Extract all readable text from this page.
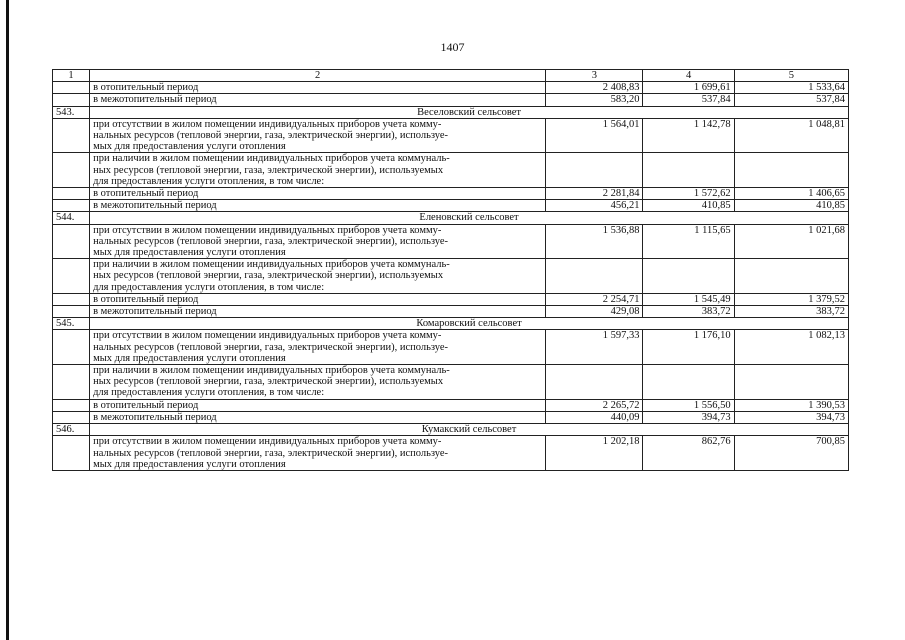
1407
1	2	3	4	5
	в отопительный период	2 408,83	1 699,61	1 533,64
	в межотопительный период	583,20	537,84	537,84
543.	Веселовский сельсовет			
	при отсутствии в жилом помещении индивидуальных приборов учета комму-
нальных ресурсов (тепловой энергии, газа, электрической энергии), используе-
мых для предоставления услуги отопления	1 564,01	1 142,78	1 048,81
	при наличии в жилом помещении индивидуальных приборов учета коммуналь-
ных ресурсов (тепловой энергии, газа, электрической энергии), используемых
для предоставления услуги отопления, в том числе:			
	в отопительный период	2 281,84	1 572,62	1 406,65
	в межотопительный период	456,21	410,85	410,85
544.	Еленовский сельсовет			
	при отсутствии в жилом помещении индивидуальных приборов учета комму-
нальных ресурсов (тепловой энергии, газа, электрической энергии), используе-
мых для предоставления услуги отопления	1 536,88	1 115,65	1 021,68
	при наличии в жилом помещении индивидуальных приборов учета коммуналь-
ных ресурсов (тепловой энергии, газа, электрической энергии), используемых
для предоставления услуги отопления, в том числе:			
	в отопительный период	2 254,71	1 545,49	1 379,52
	в межотопительный период	429,08	383,72	383,72
545.	Комаровский сельсовет			
	при отсутствии в жилом помещении индивидуальных приборов учета комму-
нальных ресурсов (тепловой энергии, газа, электрической энергии), используе-
мых для предоставления услуги отопления	1 597,33	1 176,10	1 082,13
	при наличии в жилом помещении индивидуальных приборов учета коммуналь-
ных ресурсов (тепловой энергии, газа, электрической энергии), используемых
для предоставления услуги отопления, в том числе:			
	в отопительный период	2 265,72	1 556,50	1 390,53
	в межотопительный период	440,09	394,73	394,73
546.	Кумакский сельсовет			
	при отсутствии в жилом помещении индивидуальных приборов учета комму-
нальных ресурсов (тепловой энергии, газа, электрической энергии), используе-
мых для предоставления услуги отопления	1 202,18	862,76	700,85
